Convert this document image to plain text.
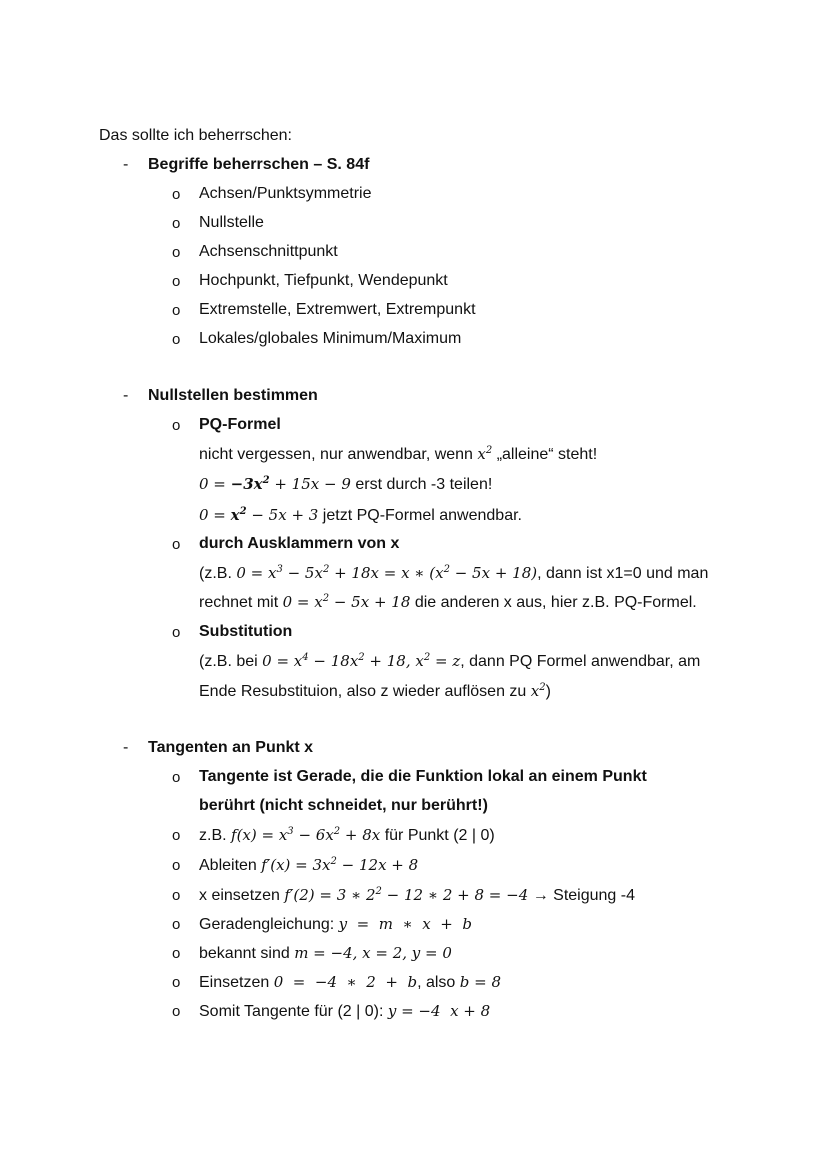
Das sollte ich beherrschen:
- Begriffe beherrschen – S. 84f
o Achsen/Punktsymmetrie
o Nullstelle
o Achsenschnittpunkt
o Hochpunkt, Tiefpunkt, Wendepunkt
o Extremstelle, Extremwert, Extrempunkt
o Lokales/globales Minimum/Maximum
- Nullstellen bestimmen
o PQ-Formel
nicht vergessen, nur anwendbar, wenn $x^2$ „alleine“ steht!
$0 = -3x^2 + 15x - 9$ erst durch -3 teilen!
$0 = x^2 - 5x + 3$ jetzt PQ-Formel anwendbar.
o durch Ausklammern von x
(z.B. $0 = x^3 - 5x^2 + 18x = x$ ∗ $(x^2 - 5x + 18)$, dann ist x1=0 und man
rechnet mit $0 = x^2 - 5x + 18$ die anderen x aus, hier z.B. PQ-Formel.
o Substitution
(z.B. bei $0 = x^4 - 18x^2 + 18$, $x^2 = z$, dann PQ Formel anwendbar, am
Ende Resubstituion, also z wieder auflösen zu $x^2$)
- Tangenten an Punkt x
o Tangente ist Gerade, die die Funktion lokal an einem Punkt
berührt (nicht schneidet, nur berührt!)
o z.B. $f(x) = x^3 - 6x^2 + 8x$ für Punkt (2 | 0)
o Ableiten $f'(x) = 3x^2 - 12x + 8$
o x einsetzen f′(2) = 3 ∗ $2^2 - 12$ ∗ 2 + 8 = −4 → Steigung -4
o Geradengleichung: y  =  m  ∗  x  +  b
o bekannt sind m = −4, x = 2, y = 0
o Einsetzen 0  =  −4  ∗  2  +  b, also b = 8
o Somit Tangente für (2 | 0): y = −4  x + 8
